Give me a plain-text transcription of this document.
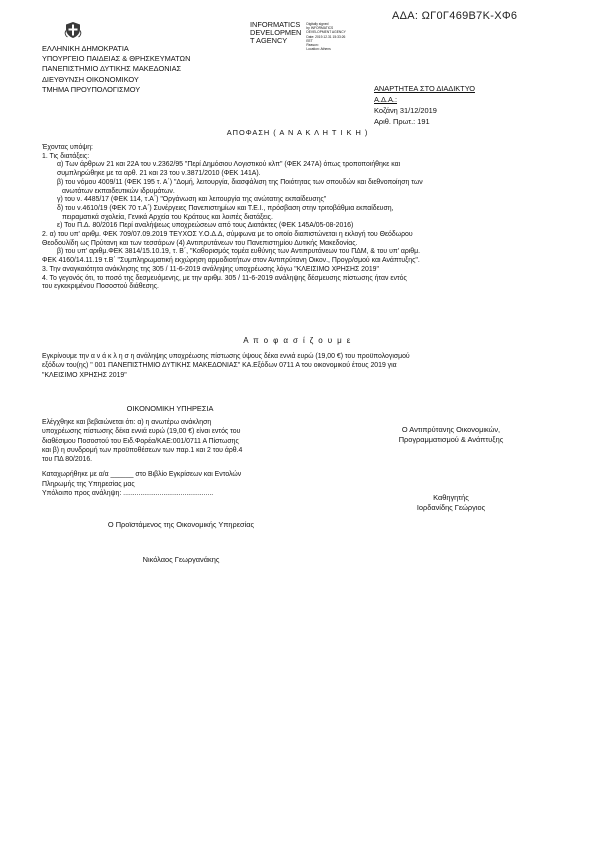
ΑΔΑ: ΩΓ0Γ469Β7Κ-ΧΦ6
ΕΛΛΗΝΙΚΗ ΔΗΜΟΚΡΑΤΙΑ
ΥΠΟΥΡΓΕΙΟ ΠΑΙΔΕΙΑΣ & ΘΡΗΣΚΕΥΜΑΤΩΝ
ΠΑΝΕΠΙΣΤΗΜΙΟ ΔΥΤΙΚΗΣ ΜΑΚΕΔΟΝΙΑΣ
ΔΙΕΥΘΥΝΣΗ ΟΙΚΟΝΟΜΙΚΟΥ
ΤΜΗΜΑ ΠΡΟΥΠΟΛΟΓΙΣΜΟΥ
INFORMATICS
DEVELOPMEN
T AGENCY
Digitally signed
by INFORMATICS
DEVELOPMENT AGENCY
Date: 2019.12.31 15:33:26
EET
Reason:
Location: Athens
ΑΝΑΡΤΗΤΕΑ ΣΤΟ ΔΙΑΔΙΚΤΥΟ
Α.Δ.Α.:
Κοζάνη 31/12/2019
Αριθ. Πρωτ.: 191
ΑΠΟΦΑΣΗ ( Α Ν Α Κ Λ Η Τ Ι Κ Η )
Έχοντας υπόψη:
1. Τις διατάξεις:
α) Των άρθρων 21 και 22Α του ν.2362/95 "Περί Δημόσιου Λογιστικού κλπ" (ΦΕΚ 247Α) όπως τροποποιήθηκε και
συμπληρώθηκε με τα αρθ. 21 και 23 του ν.3871/2010 (ΦΕΚ 141Α).
β) του νόμου 4009/11 (ΦΕΚ 195 τ. Α΄) "Δομή, λειτουργία, διασφάλιση της Ποιότητας των σπουδών και διεθνοποίηση των
ανωτάτων εκπαιδευτικών ιδρυμάτων.
γ) του ν. 4485/17 (ΦΕΚ 114, τ.Α΄) "Οργάνωση και λειτουργία της ανώτατης εκπαίδευσης"
δ) του ν.4610/19 (ΦΕΚ 70 τ.Α΄) Συνέργειες Πανεπιστημίων και Τ.Ε.Ι., πρόσβαση στην τριτοβάθμια εκπαίδευση,
πειραματικά σχολεία, Γενικά Αρχεία του Κράτους και λοιπές διατάξεις.
ε) Του Π.Δ. 80/2016 Περί αναλήψεως υποχρεώσεων από τους Διατάκτες (ΦΕΚ 145Α/05-08-2016)
2. α) του υπ' αριθμ. ΦΕΚ 709/07.09.2019 ΤΕΥΧΟΣ Υ.Ο.Δ.Δ, σύμφωνα με το οποίο διαπιστώνεται η εκλογή του Θεόδωρου
Θεοδουλίδη ως Πρύτανη και των τεσσάρων (4) Αντιπρυτάνεων του Πανεπιστημίου Δυτικής Μακεδονίας.
β) του υπ' αριθμ.ΦΕΚ 3814/15.10.19, τ. Β΄, "Καθορισμός τομέα ευθύνης των Αντιπρυτάνεων του ΠΔΜ, & του υπ' αριθμ.
ΦΕΚ 4160/14.11.19 τ.Β΄ "Συμπληρωματική εκχώρηση αρμοδιοτήτων στον Αντιπρύτανη Οικον., Προγρ/σμού και Ανάπτυξης".
3. Την αναγκαιότητα ανάκλησης της 305 / 11-6-2019 ανάληψης υποχρέωσης λόγω "ΚΛΕΙΣΙΜΟ ΧΡΗΣΗΣ 2019"
4. Το γεγονός ότι, το ποσό της δεσμευόμενης, με την αριθμ. 305 / 11-6-2019 ανάληψης δέσμευσης πίστωσης ήταν εντός
του εγκεκριμένου Ποσοστού διάθεσης.
Α π ο φ α σ ί ζ ο υ μ ε
Εγκρίνουμε την α ν ά κ λ η σ η ανάληψης υποχρέωσης πίστωσης ύψους δέκα εννιά ευρώ (19,00 €) του προϋπολογισμού
εξόδων του(ης) " 001 ΠΑΝΕΠΙΣΤΗΜΙΟ ΔΥΤΙΚΗΣ ΜΑΚΕΔΟΝΙΑΣ" ΚΑ.Εξόδων 0711 Α του οικονομικού έτους 2019 για
"ΚΛΕΙΣΙΜΟ ΧΡΗΣΗΣ 2019"
ΟΙΚΟΝΟΜΙΚΗ ΥΠΗΡΕΣΙΑ
Ελέγχθηκε και βεβαιώνεται ότι: α) η ανωτέρω ανάκληση
υποχρέωσης πίστωσης δέκα εννιά ευρώ (19,00 €) είναι εντός του
διαθέσιμου Ποσοστού του Ειδ.Φορέα/ΚΑΕ:001/0711 Α Πίστωσης
και β) η συνδρομή των προϋποθέσεων των παρ.1 και 2 του άρθ.4
του ΠΔ 80/2016.
Καταχωρήθηκε με α/α ______ στο Βιβλίο Εγκρίσεων και Εντολών
Πληρωμής της Υπηρεσίας μας
Υπόλοιπο προς ανάληψη: ...............................................
Ο Αντιπρύτανης Οικονομικών,
Προγραμματισμού & Ανάπτυξης
Καθηγητής
Ιορδανίδης Γεώργιος
Ο Προϊστάμενος της Οικονομικής Υπηρεσίας
Νικόλαος Γεωργανάκης
